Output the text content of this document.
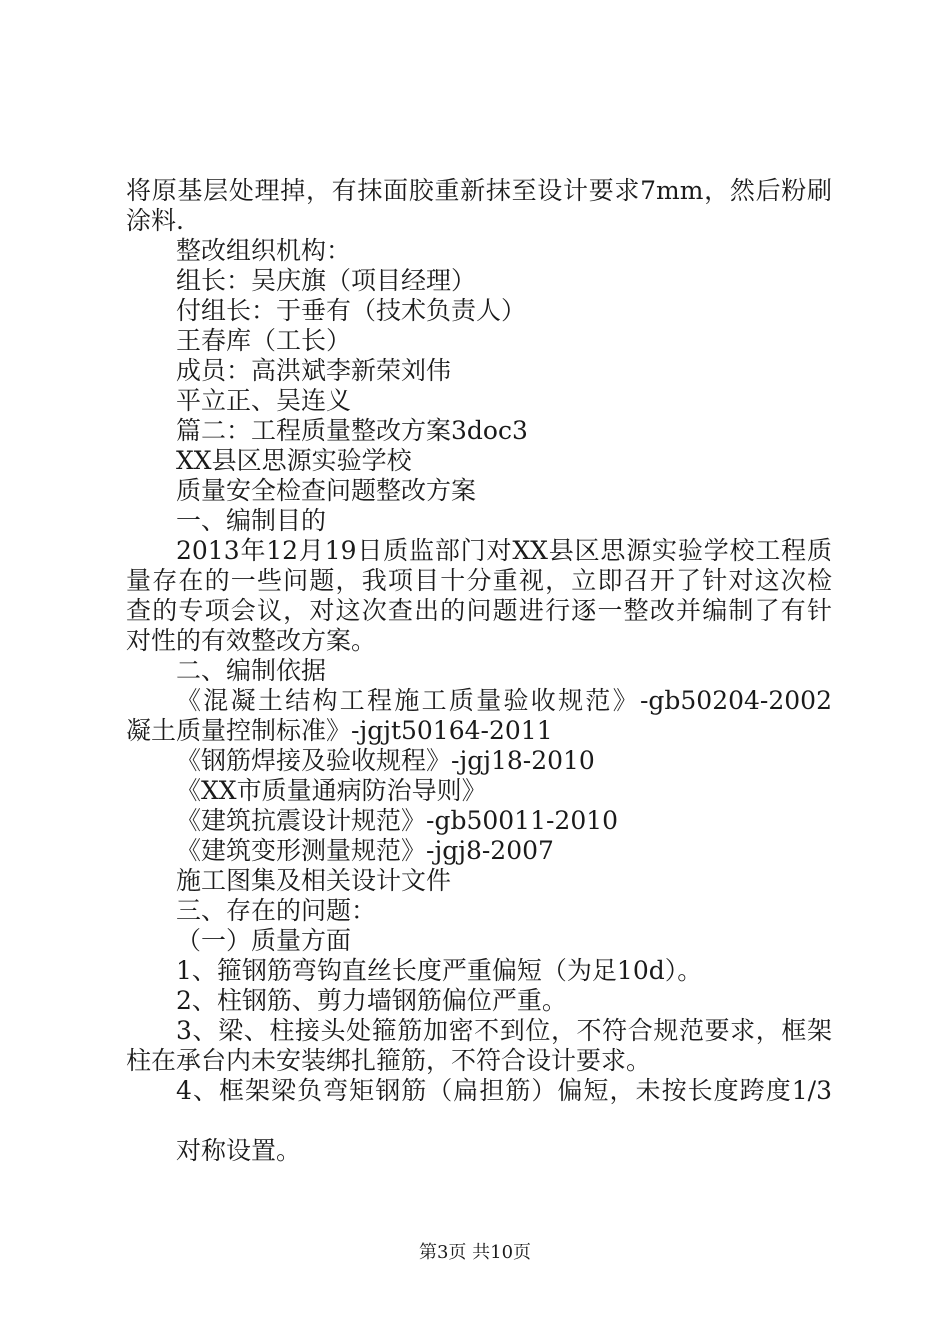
将原基层处理掉，有抹面胶重新抹至设计要求7mm，然后粉刷

涂料.

整改组织机构：

组长：吴庆旗（项目经理）

付组长：于垂有（技术负责人）

王春库（工长）

成员：高洪斌李新荣刘伟

平立正、吴连义

篇二：工程质量整改方案3doc3

XX县区思源实验学校

质量安全检查问题整改方案

一、编制目的

2013年12月19日质监部门对XX县区思源实验学校工程质

量存在的一些问题，我项目十分重视，立即召开了针对这次检

查的专项会议，对这次查出的问题进行逐一整改并编制了有针

对性的有效整改方案。

二、编制依据

《混凝土结构工程施工质量验收规范》-gb50204-2002

凝土质量控制标准》-jgjt50164-2011

《钢筋焊接及验收规程》-jgj18-2010

《XX市质量通病防治导则》

《建筑抗震设计规范》-gb50011-2010

《建筑变形测量规范》-jgj8-2007

施工图集及相关设计文件

三、存在的问题：

（一）质量方面

1、箍钢筋弯钩直丝长度严重偏短（为足10d）。

2、柱钢筋、剪力墙钢筋偏位严重。

3、梁、柱接头处箍筋加密不到位，不符合规范要求，框架

柱在承台内未安装绑扎箍筋，不符合设计要求。

4、框架梁负弯矩钢筋（扁担筋）偏短，未按长度跨度1/3

对称设置。

第3页 共10页
